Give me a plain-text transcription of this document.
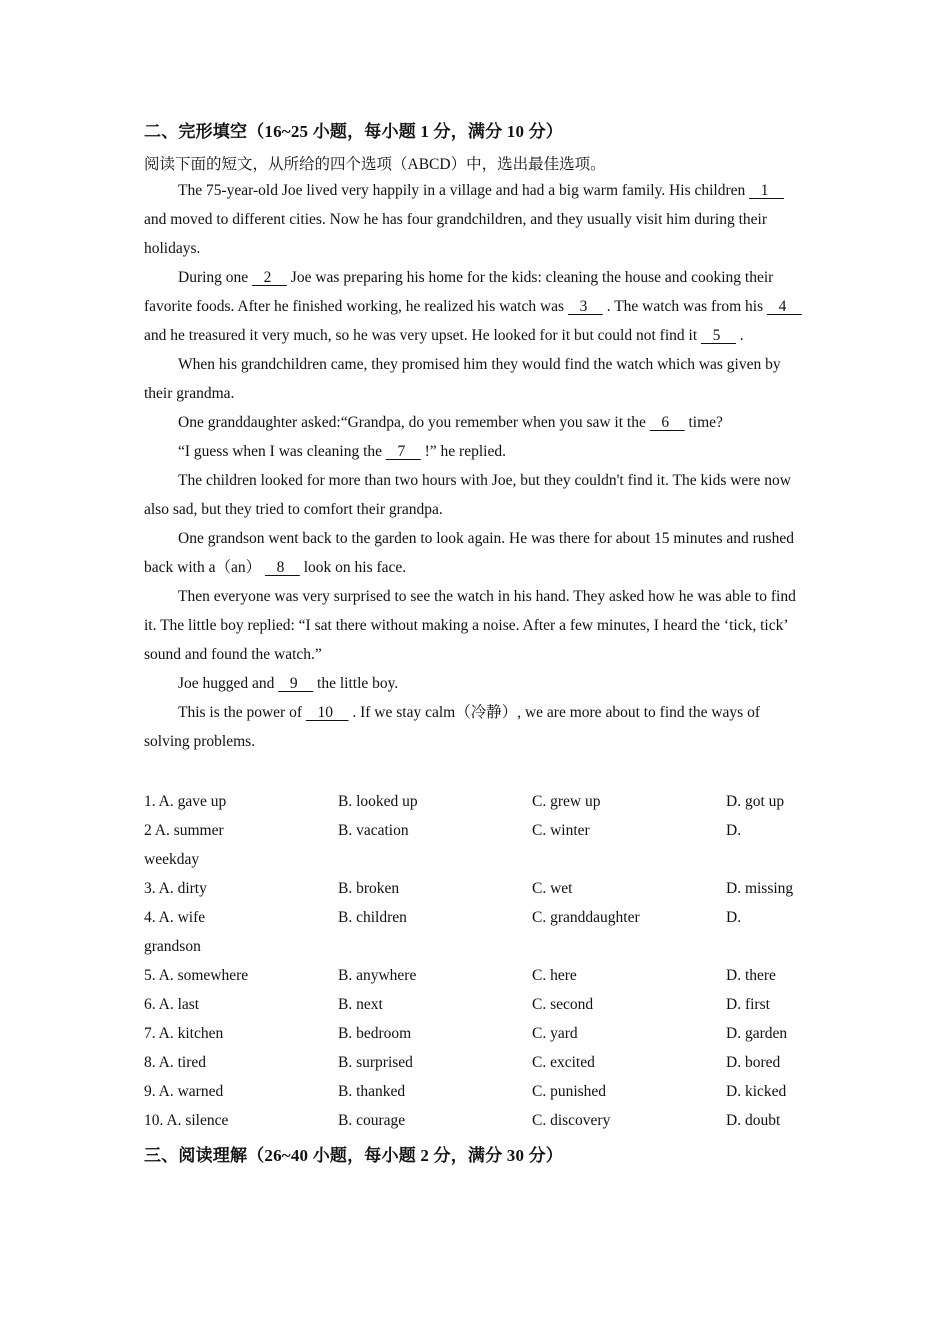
二、完形填空（16~25 小题，每小题 1 分，满分 10 分）
阅读下面的短文，从所给的四个选项（ABCD）中，选出最佳选项。

The 75-year-old Joe lived very happily in a village and had a big warm family. His children    1     and moved to different cities. Now he has four grandchildren, and they usually visit him during their holidays.

During one    2     Joe was preparing his home for the kids: cleaning the house and cooking their favorite foods. After he finished working, he realized his watch was    3     . The watch was from his    4     and he treasured it very much, so he was very upset. He looked for it but could not find it    5     .

When his grandchildren came, they promised him they would find the watch which was given by their grandma.

One granddaughter asked:“Grandpa, do you remember when you saw it the    6     time?

“I guess when I was cleaning the    7     !” he replied.

The children looked for more than two hours with Joe, but they couldn't find it. The kids were now also sad, but they tried to comfort their grandpa.

One grandson went back to the garden to look again. He was there for about 15 minutes and rushed back with a（an）    8     look on his face.

Then everyone was very surprised to see the watch in his hand. They asked how he was able to find it. The little boy replied: “I sat there without making a noise. After a few minutes, I heard the ‘tick, tick’ sound and found the watch.”

Joe hugged and    9     the little boy.

This is the power of    10     . If we stay calm（冷静）, we are more about to find the ways of solving problems.

1. A. gave up	B. looked up	C. grew up	D. got up
2 A. summer	B. vacation	C. winter	D.
weekday
3. A. dirty	B. broken	C. wet	D. missing
4. A. wife	B. children	C. granddaughter	D.
grandson
5. A. somewhere	B. anywhere	C. here	D. there
6. A. last	B. next	C. second	D. first
7. A. kitchen	B. bedroom	C. yard	D. garden
8. A. tired	B. surprised	C. excited	D. bored
9. A. warned	B. thanked	C. punished	D. kicked
10. A. silence	B. courage	C. discovery	D. doubt
三、阅读理解（26~40 小题，每小题 2 分，满分 30 分）
